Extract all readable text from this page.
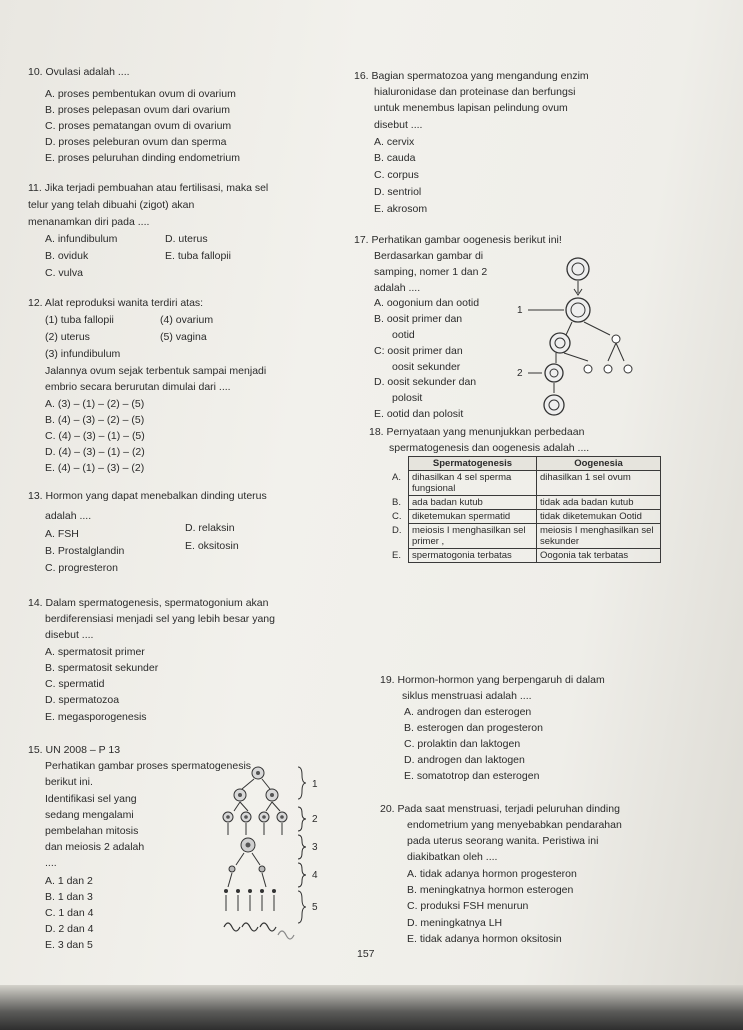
10. Ovulasi adalah ....
A. proses pembentukan ovum di ovarium
B. proses pelepasan ovum dari ovarium
C. proses pematangan ovum di ovarium
D. proses peleburan ovum dan sperma
E. proses peluruhan dinding endometrium
11. Jika terjadi pembuahan atau fertilisasi, maka sel
telur yang telah dibuahi (zigot) akan
menanamkan diri pada ....
A. infundibulum	D. uterus
B. oviduk	E. tuba fallopii
C. vulva
12. Alat reproduksi wanita terdiri atas:
(1) tuba fallopii	(4) ovarium
(2) uterus	(5) vagina
(3) infundibulum
Jalannya ovum sejak terbentuk sampai menjadi
embrio secara berurutan dimulai dari ....
A. (3) – (1) – (2) – (5)
B. (4) – (3) – (2) – (5)
C. (4) – (3) – (1) – (5)
D. (4) – (3) – (1) – (2)
E. (4) – (1) – (3) – (2)
13. Hormon yang dapat menebalkan dinding uterus
adalah ....
A. FSH	D. relaksin
B. Prostalglandin	E. oksitosin
C. progresteron
14. Dalam spermatogenesis, spermatogonium akan
berdiferensiasi menjadi sel yang lebih besar yang
disebut ....
A. spermatosit primer
B. spermatosit sekunder
C. spermatid
D. spermatozoa
E. megasporogenesis
15. UN 2008 – P 13
Perhatikan gambar proses spermatogenesis
berikut ini.
Identifikasi sel yang
sedang mengalami
pembelahan mitosis
dan meiosis 2 adalah
....
A. 1 dan 2
B. 1 dan 3
C. 1 dan 4
D. 2 dan 4
E. 3 dan 5
1
2
3
4
5
16. Bagian spermatozoa yang mengandung enzim
hialuronidase dan proteinase dan berfungsi
untuk menembus lapisan pelindung ovum
disebut ....
A. cervix
B. cauda
C. corpus
D. sentriol
E. akrosom
17. Perhatikan gambar oogenesis berikut ini!
Berdasarkan gambar di
samping, nomer 1 dan 2
adalah ....
A. oogonium dan ootid
B. oosit primer dan
ootid
C: oosit primer dan
oosit sekunder
D. oosit sekunder dan
polosit
E. ootid dan polosit
1
2
18. Pernyataan yang menunjukkan perbedaan
spermatogenesis dan oogenesis adalah ....
	Spermatogenesis	Oogenesia
A.	dihasilkan 4 sel sperma fungsional	dihasilkan 1 sel ovum
B.	ada badan kutub	tidak ada badan kutub
C.	diketemukan spermatid	tidak diketemukan Ootid
D.	meiosis I menghasilkan sel primer ,	meiosis I menghasilkan sel sekunder
E.	spermatogonia terbatas	Oogonia tak terbatas
19. Hormon-hormon yang berpengaruh di dalam
siklus menstruasi adalah ....
A. androgen dan esterogen
B. esterogen dan progesteron
C. prolaktin dan laktogen
D. androgen dan laktogen
E. somatotrop dan esterogen
20. Pada saat menstruasi, terjadi peluruhan dinding
endometrium yang menyebabkan pendarahan
pada uterus seorang wanita. Peristiwa ini
diakibatkan oleh ....
A. tidak adanya hormon progesteron
B. meningkatnya hormon esterogen
C. produksi FSH menurun
D. meningkatnya LH
E. tidak adanya hormon oksitosin
157
